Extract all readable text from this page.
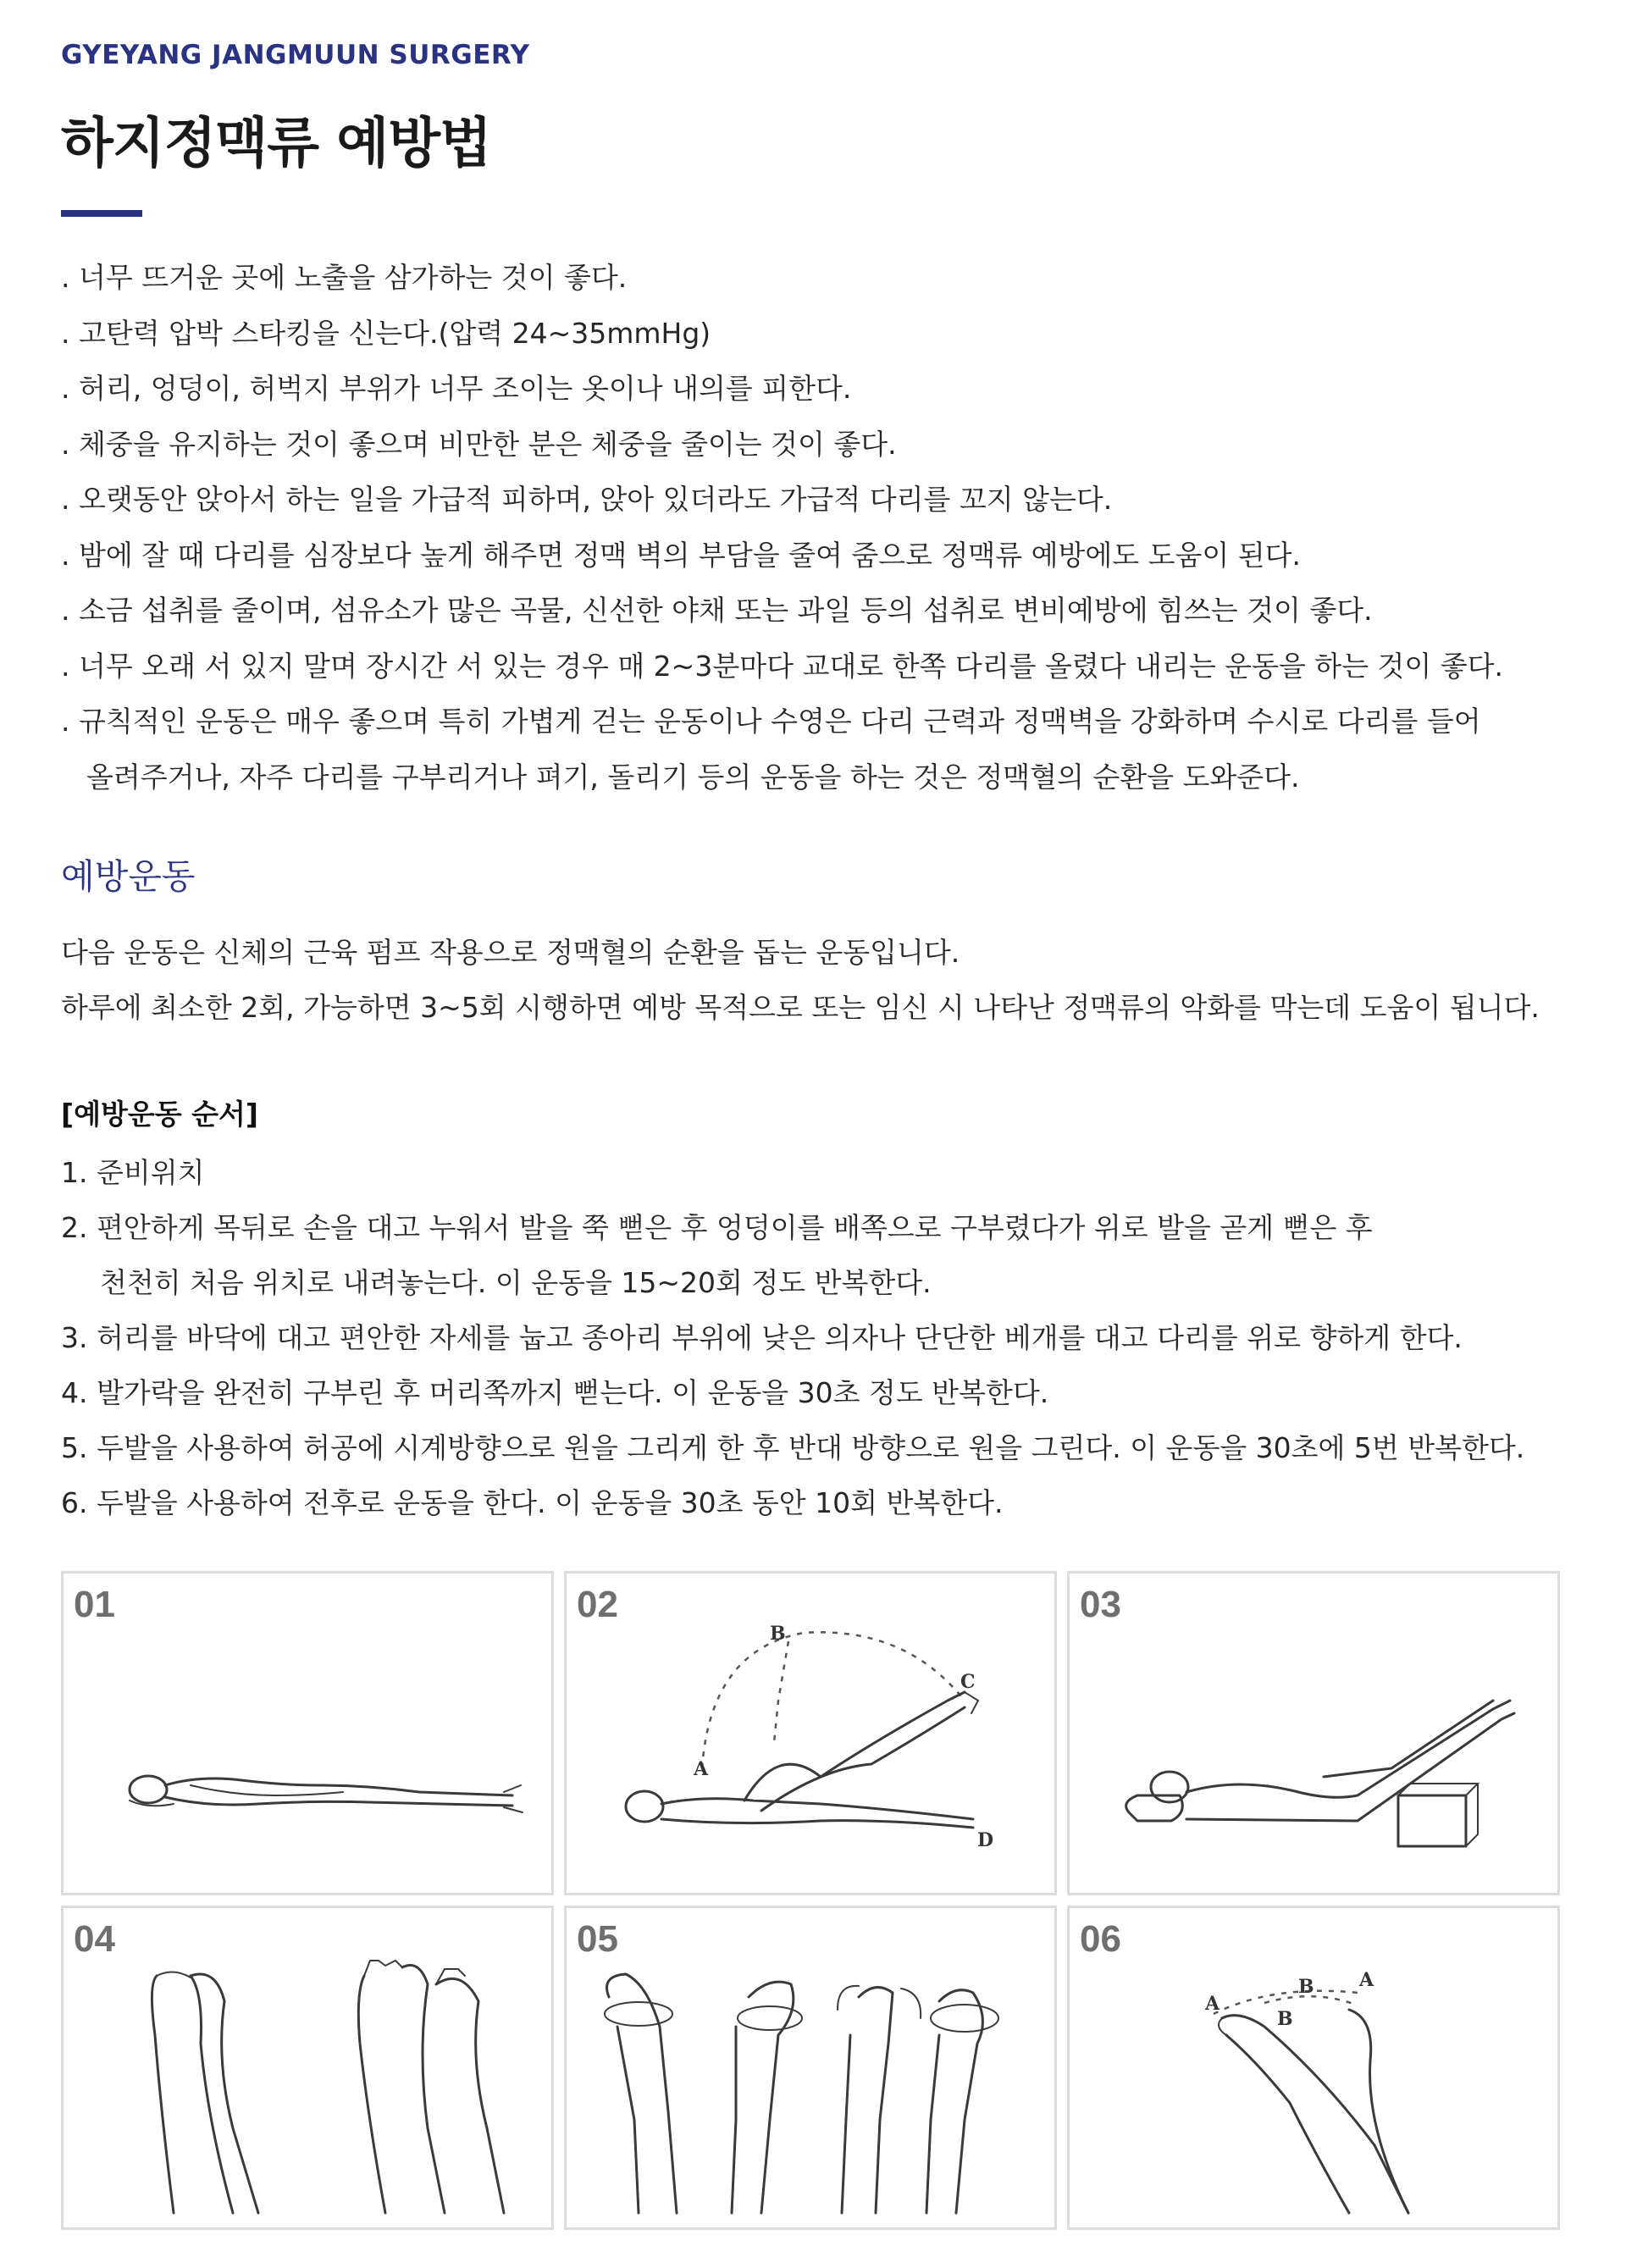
GYEYANG JANGMUUN SURGERY
하지정맥류 예방법
. 너무 뜨거운 곳에 노출을 삼가하는 것이 좋다.
. 고탄력 압박 스타킹을 신는다.(압력 24~35mmHg)
. 허리, 엉덩이, 허벅지 부위가 너무 조이는 옷이나 내의를 피한다.
. 체중을 유지하는 것이 좋으며 비만한 분은 체중을 줄이는 것이 좋다.
. 오랫동안 앉아서 하는 일을 가급적 피하며, 앉아 있더라도 가급적 다리를 꼬지 않는다.
. 밤에 잘 때 다리를 심장보다 높게 해주면 정맥 벽의 부담을 줄여 줌으로 정맥류 예방에도 도움이 된다.
. 소금 섭취를 줄이며, 섬유소가 많은 곡물, 신선한 야채 또는 과일 등의 섭취로 변비예방에 힘쓰는 것이 좋다.
. 너무 오래 서 있지 말며 장시간 서 있는 경우 매 2~3분마다 교대로 한쪽 다리를 올렸다 내리는 운동을 하는 것이 좋다.
. 규칙적인 운동은 매우 좋으며 특히 가볍게 걷는 운동이나 수영은 다리 근력과 정맥벽을 강화하며 수시로 다리를 들어
올려주거나, 자주 다리를 구부리거나 펴기, 돌리기 등의 운동을 하는 것은 정맥혈의 순환을 도와준다.
예방운동
다음 운동은 신체의 근육 펌프 작용으로 정맥혈의 순환을 돕는 운동입니다.
하루에 최소한 2회, 가능하면 3~5회 시행하면 예방 목적으로 또는 임신 시 나타난 정맥류의 악화를 막는데 도움이 됩니다.
[예방운동 순서]
1. 준비위치
2. 편안하게 목뒤로 손을 대고 누워서 발을 쭉 뻗은 후 엉덩이를 배쪽으로 구부렸다가 위로 발을 곧게 뻗은 후
천천히 처음 위치로 내려놓는다. 이 운동을 15~20회 정도 반복한다.
3. 허리를 바닥에 대고 편안한 자세를 눕고 종아리 부위에 낮은 의자나 단단한 베개를 대고 다리를 위로 향하게 한다.
4. 발가락을 완전히 구부린 후 머리쪽까지 뻗는다. 이 운동을 30초 정도 반복한다.
5. 두발을 사용하여 허공에 시계방향으로 원을 그리게 한 후 반대 방향으로 원을 그린다. 이 운동을 30초에 5번 반복한다.
6. 두발을 사용하여 전후로 운동을 한다. 이 운동을 30초 동안 10회 반복한다.
01	02
B
A
C
D
03
04	05	06
A
B
B
A
